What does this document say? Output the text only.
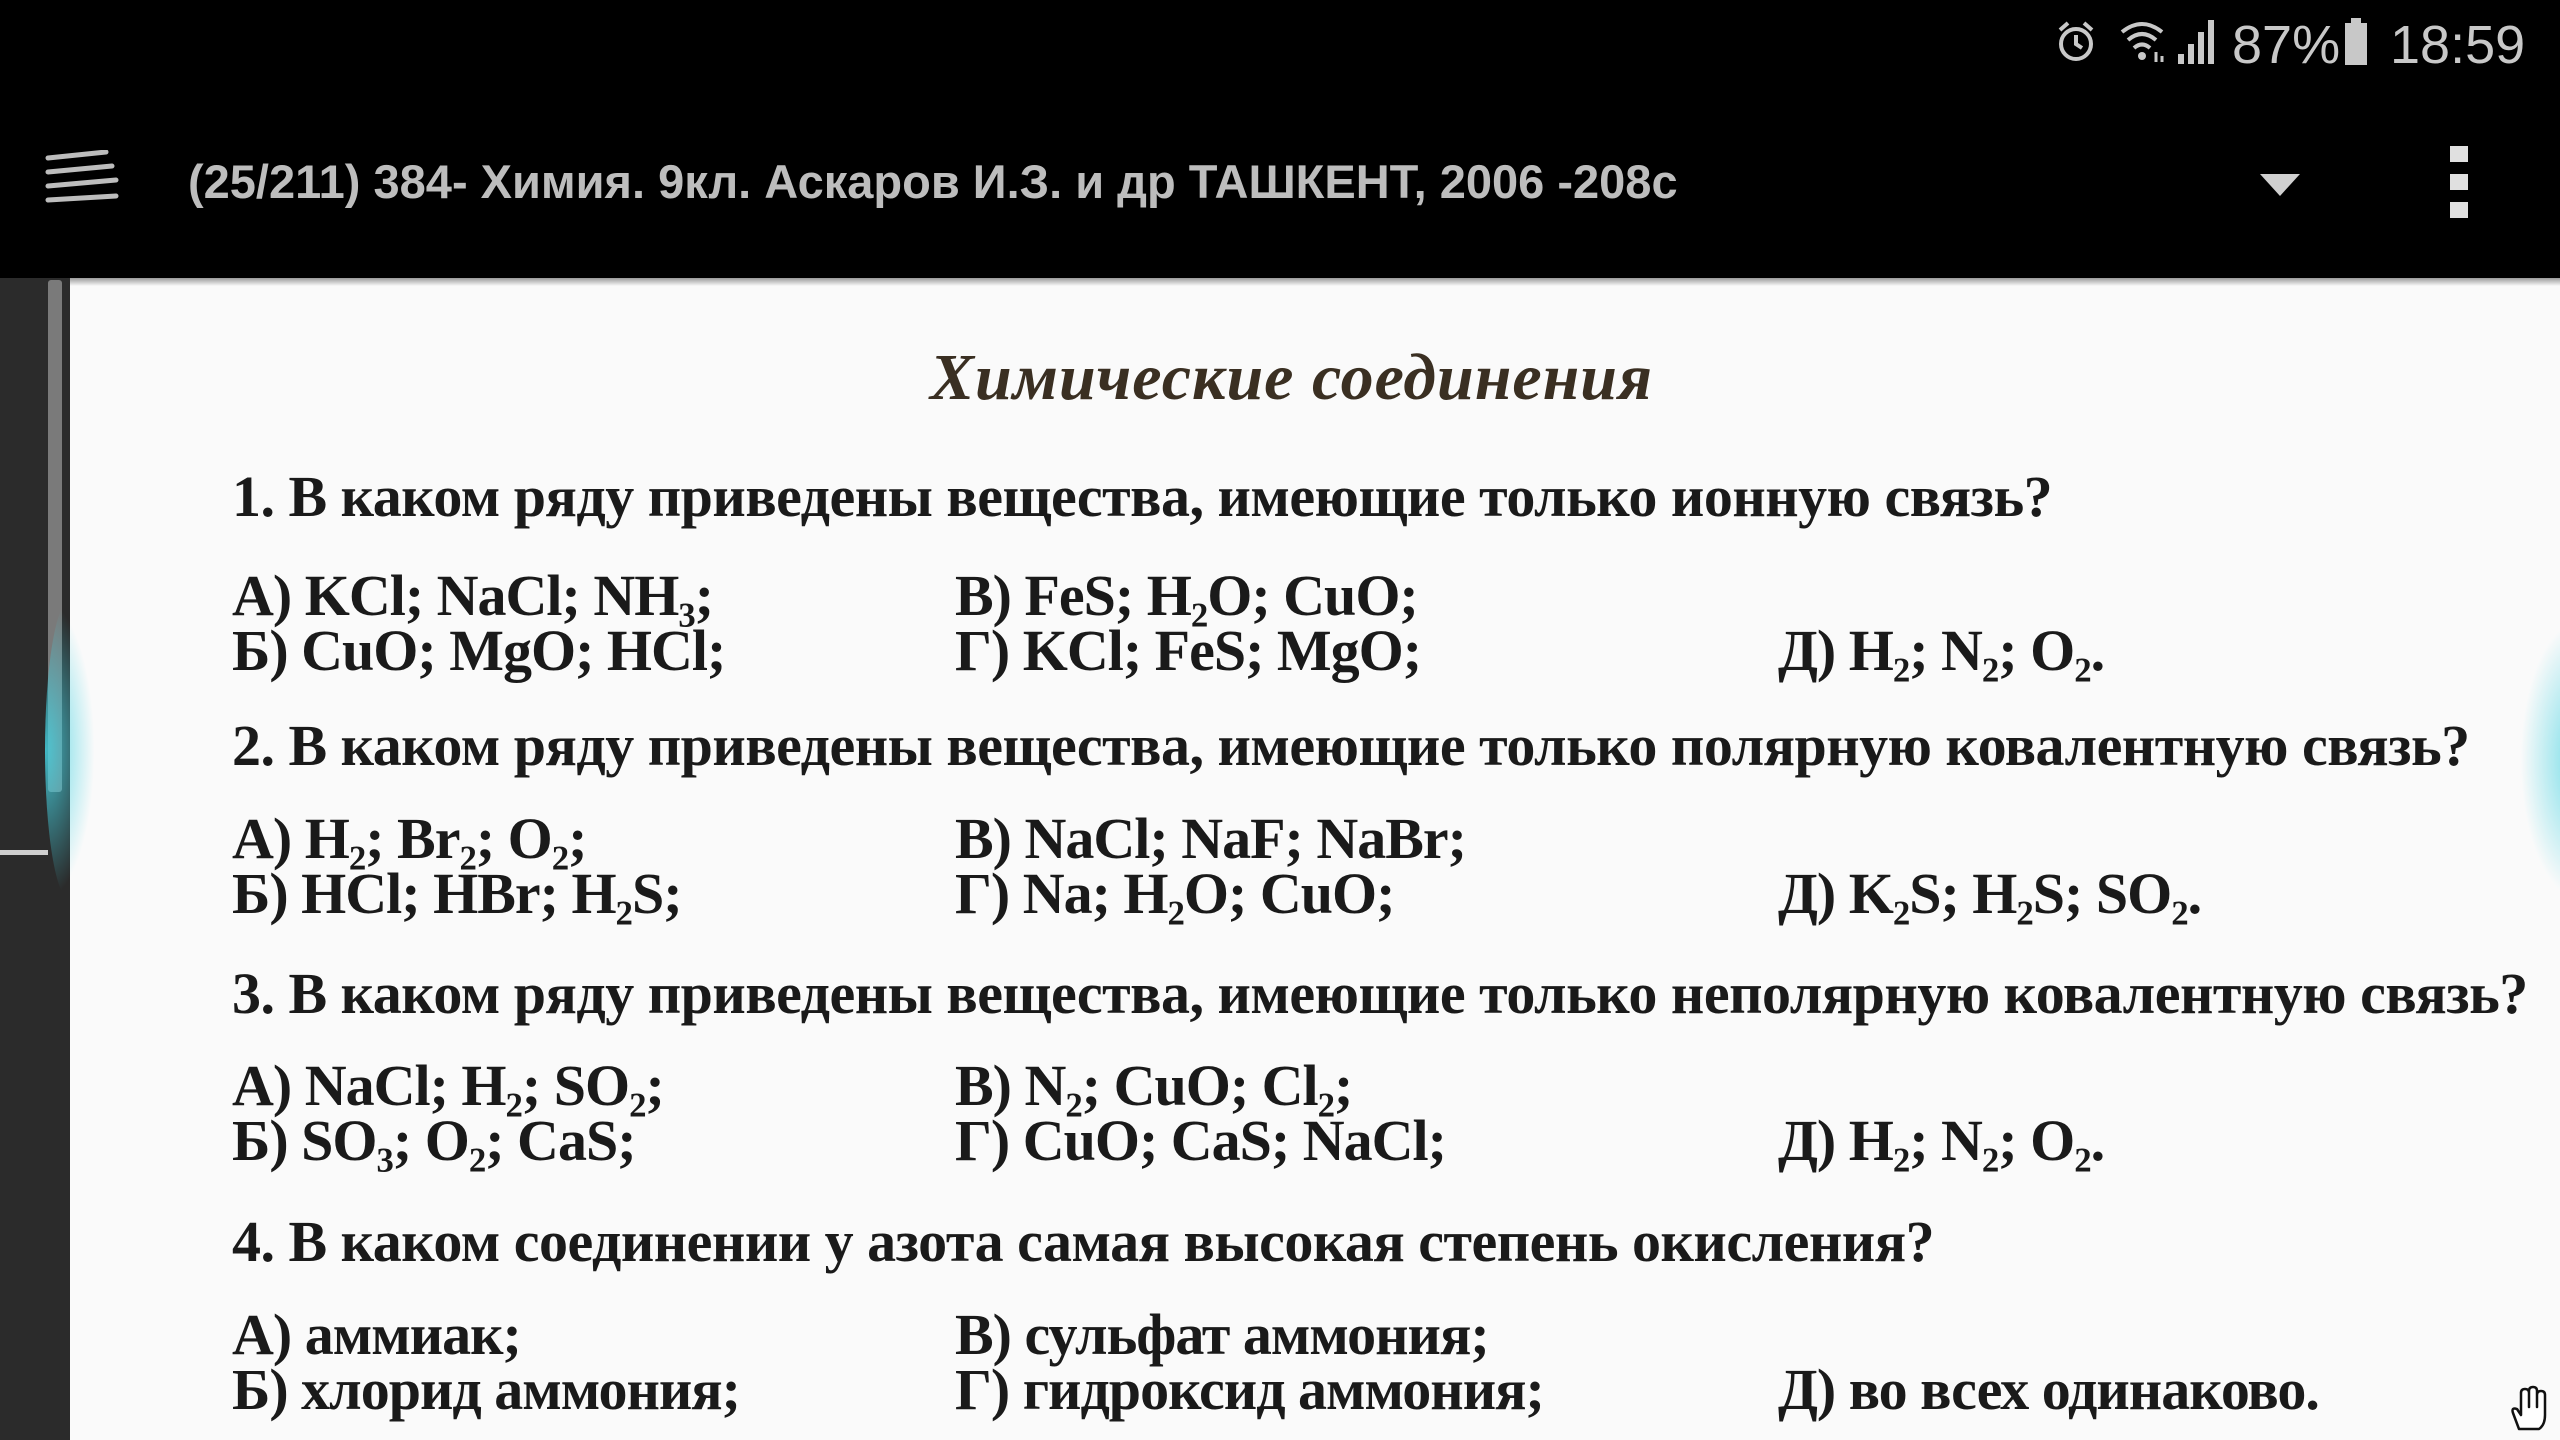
87% 18:59
(25/211) 384- Химия. 9кл. Аскаров И.З. и др ТАШКЕНТ, 2006 -208с
Химические соединения
1. В каком ряду приведены вещества, имеющие только ионную связь?
А) KCl; NaCl; NH₃;
Б) CuO; MgO; HCl;
В) FeS; H₂O; CuO;
Г) KCl; FeS; MgO;	Д) H₂; N₂; O₂.
2. В каком ряду приведены вещества, имеющие только полярную ковалентную связь?
А) H₂; Br₂; O₂;
Б) HCl; HBr; H₂S;
В) NaCl; NaF; NaBr;
Г) Na; H₂O; CuO;	Д) K₂S; H₂S; SO₂.
3. В каком ряду приведены вещества, имеющие только неполярную ковалентную связь?
А) NaCl; H₂; SO₂;
Б) SO₃; O₂; CaS;
В) N₂; CuO; Cl₂;
Г) CuO; CaS; NaCl;	Д) H₂; N₂; O₂.
4. В каком соединении у азота самая высокая степень окисления?
А) аммиак;
Б) хлорид аммония;
В) сульфат аммония;
Г) гидроксид аммония;	Д) во всех одинаково.
